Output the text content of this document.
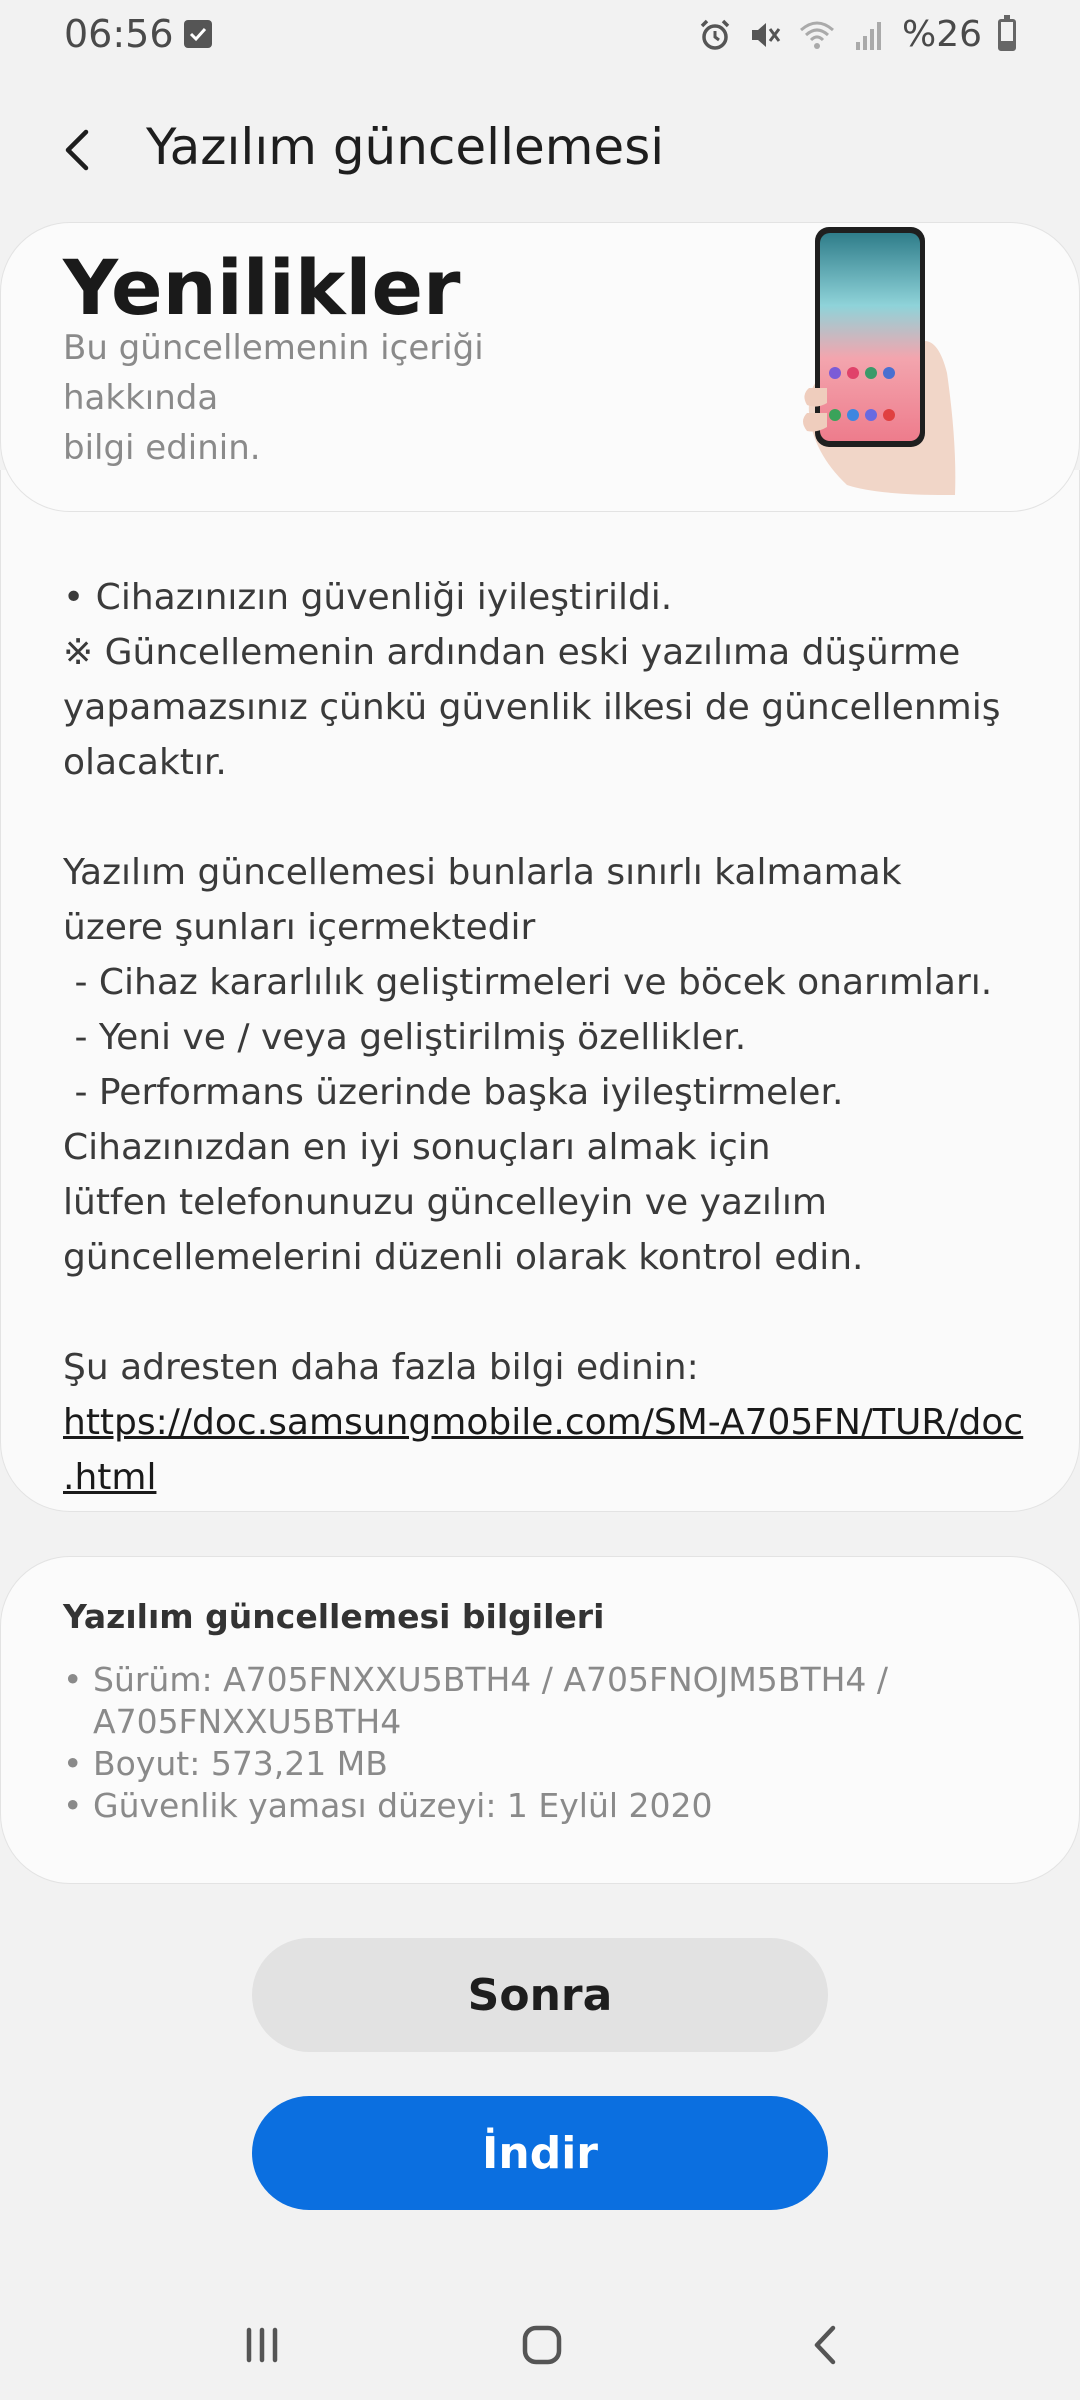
06:56	%26
Yazılım güncellemesi
• Cihazınızın güvenliği iyileştirildi.
※ Güncellemenin ardından eski yazılıma düşürme
yapamazsınız çünkü güvenlik ilkesi de güncellenmiş
olacaktır.
Yazılım güncellemesi bunlarla sınırlı kalmamak
üzere şunları içermektedir
- Cihaz kararlılık geliştirmeleri ve böcek onarımları.
- Yeni ve / veya geliştirilmiş özellikler.
- Performans üzerinde başka iyileştirmeler.
Cihazınızdan en iyi sonuçları almak için
lütfen telefonunuzu güncelleyin ve yazılım
güncellemelerini düzenli olarak kontrol edin.
Şu adresten daha fazla bilgi edinin:
https://doc.samsungmobile.com/SM-A705FN/TUR/doc
.html
Yenilikler
Bu güncellemenin içeriği hakkında
bilgi edinin.
Yazılım güncellemesi bilgileri
• Sürüm: A705FNXXU5BTH4 / A705FNOJM5BTH4 /
A705FNXXU5BTH4
• Boyut: 573,21 MB
• Güvenlik yaması düzeyi: 1 Eylül 2020
Sonra
İndir
